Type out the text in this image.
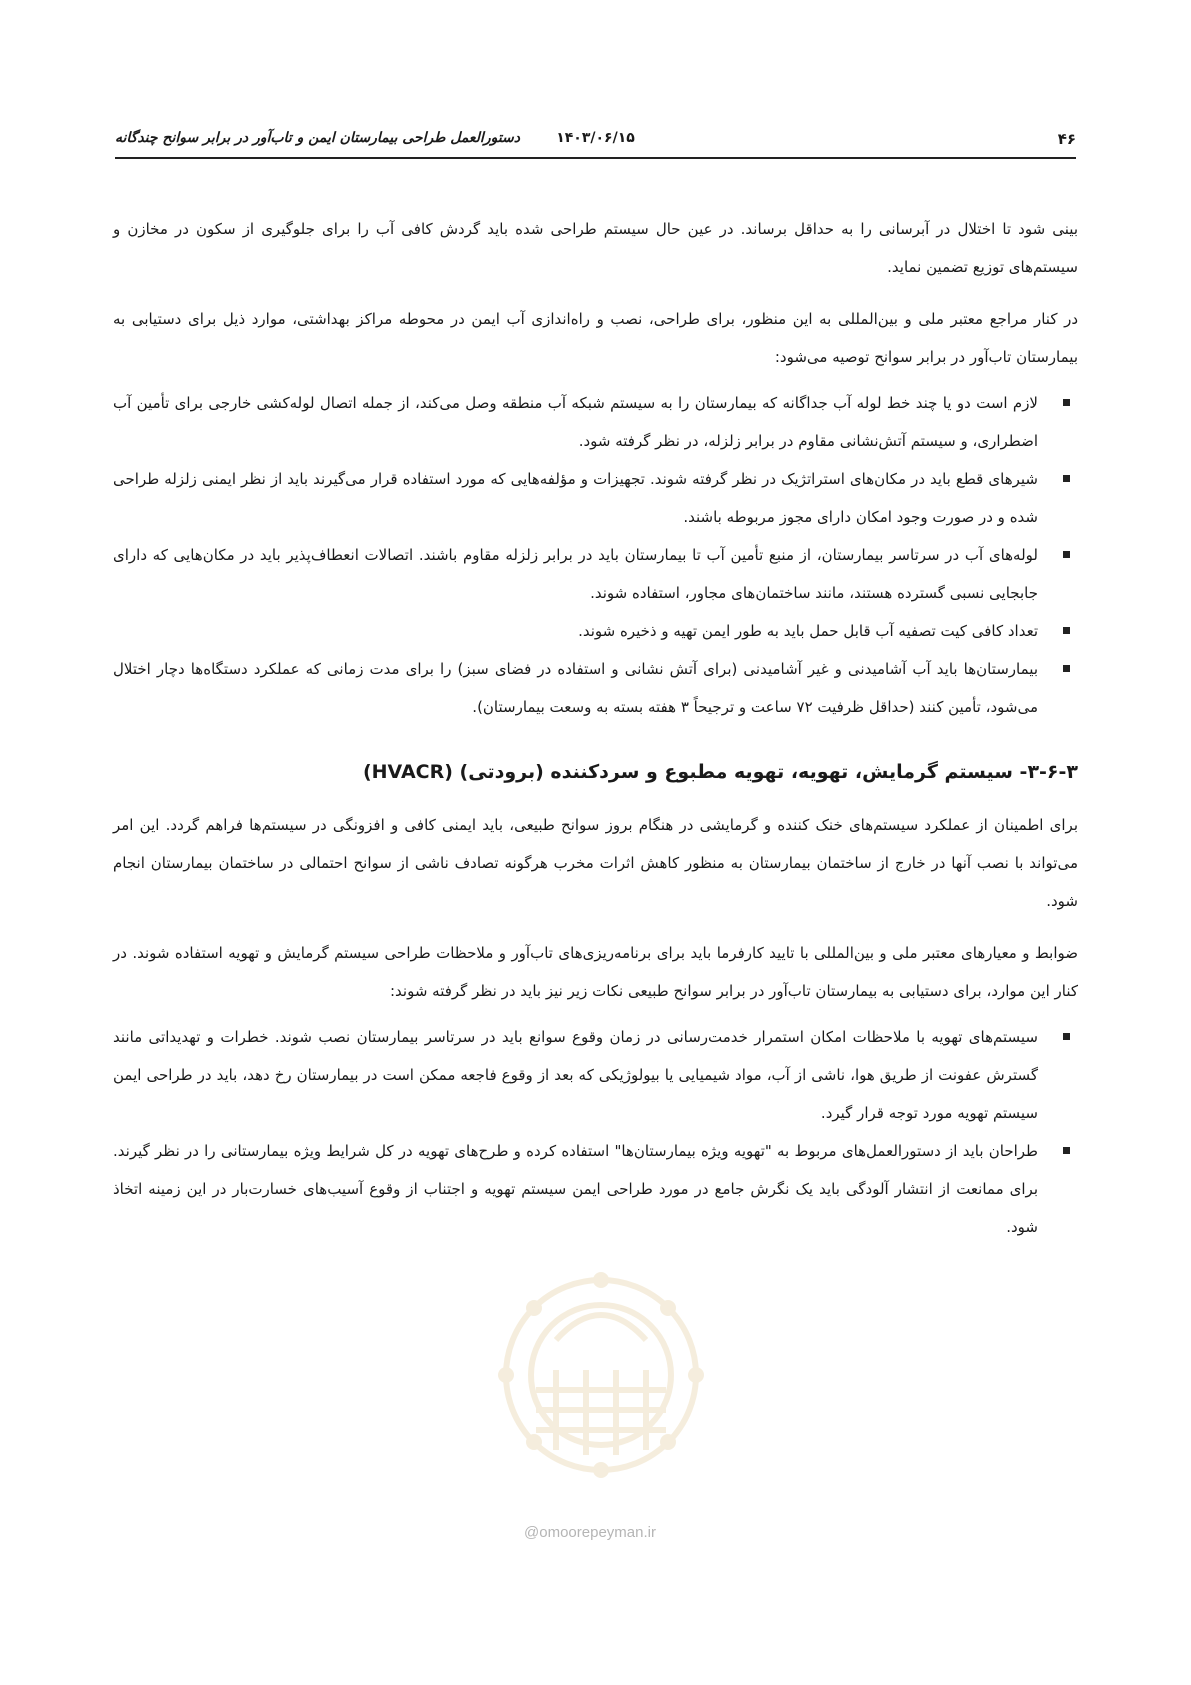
۴۶
۱۴۰۳/۰۶/۱۵
دستورالعمل طراحی بیمارستان ایمن و تاب‌آور در برابر سوانح چندگانه
@omoorepeyman.ir

بینی شود تا اختلال در آبرسانی را به حداقل برساند. در عین حال سیستم طراحی شده باید گردش کافی آب را برای جلوگیری از سکون در مخازن و سیستم‌های توزیع تضمین نماید.

در کنار مراجع معتبر ملی و بین‌المللی به این منظور، برای طراحی، نصب و راه‌اندازی آب ایمن در محوطه مراکز بهداشتی، موارد ذیل برای دستیابی به بیمارستان تاب‌آور در برابر سوانح توصیه می‌شود:

لازم است دو یا چند خط لوله آب جداگانه که بیمارستان را به سیستم شبکه آب منطقه وصل می‌کند، از جمله اتصال لوله‌کشی خارجی برای تأمین آب اضطراری، و سیستم آتش‌نشانی مقاوم در برابر زلزله، در نظر گرفته شود.
شیرهای قطع باید در مکان‌های استراتژیک در نظر گرفته شوند. تجهیزات و مؤلفه‌هایی که مورد استفاده قرار می‌گیرند باید از نظر ایمنی زلزله طراحی شده و در صورت وجود امکان دارای مجوز مربوطه باشند.
لوله‌های آب در سرتاسر بیمارستان، از منبع تأمین آب تا بیمارستان باید در برابر زلزله مقاوم باشند. اتصالات انعطاف‌پذیر باید در مکان‌هایی که دارای جابجایی نسبی گسترده هستند، مانند ساختمان‌های مجاور، استفاده شوند.
تعداد کافی کیت تصفیه آب قابل حمل باید به طور ایمن تهیه و ذخیره شوند.
بیمارستان‌ها باید آب آشامیدنی و غیر آشامیدنی (برای آتش نشانی و استفاده در فضای سبز) را برای مدت زمانی که عملکرد دستگاه‌ها دچار اختلال می‌شود، تأمین کنند (حداقل ظرفیت ۷۲ ساعت و ترجیحاً ۳ هفته بسته به وسعت بیمارستان).
۳-۶-۳- سیستم گرمایش، تهویه، تهویه مطبوع و سردکننده (برودتی) (HVACR)

برای اطمینان از عملکرد سیستم‌های خنک کننده و گرمایشی در هنگام بروز سوانح طبیعی، باید ایمنی کافی و افزونگی در سیستم‌ها فراهم گردد. این امر می‌تواند با نصب آنها در خارج از ساختمان بیمارستان به منظور کاهش اثرات مخرب هرگونه تصادف ناشی از سوانح احتمالی در ساختمان بیمارستان انجام شود.

ضوابط و معیارهای معتبر ملی و بین‌المللی با تایید کارفرما باید برای برنامه‌ریزی‌های تاب‌آور و ملاحظات طراحی سیستم گرمایش و تهویه استفاده شوند. در کنار این موارد، برای دستیابی به بیمارستان تاب‌آور در برابر سوانح طبیعی نکات زیر نیز باید در نظر گرفته شوند:

سیستم‌های تهویه با ملاحظات امکان استمرار خدمت‌رسانی در زمان وقوع سوانع باید در سرتاسر بیمارستان نصب شوند. خطرات و تهدیداتی مانند گسترش عفونت از طریق هوا، ناشی از آب، مواد شیمیایی یا بیولوژیکی که بعد از وقوع فاجعه ممکن است در بیمارستان رخ دهد، باید در طراحی ایمن سیستم تهویه مورد توجه قرار گیرد.
طراحان باید از دستورالعمل‌های مربوط به "تهویه ویژه بیمارستان‌ها" استفاده کرده و طرح‌های تهویه در کل شرایط ویژه بیمارستانی را در نظر گیرند. برای ممانعت از انتشار آلودگی باید یک نگرش جامع در مورد طراحی ایمن سیستم تهویه و اجتناب از وقوع آسیب‌های خسارت‌بار در این زمینه اتخاذ شود.
